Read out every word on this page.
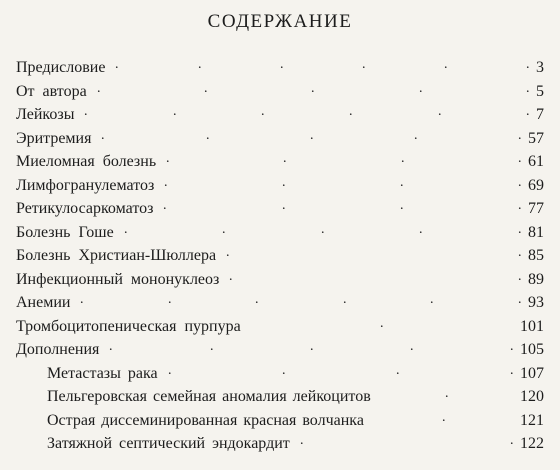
СОДЕРЖАНИЕ
Предисловие .	.	.	.	.	. 3
От автора .	.	.	.	. 5
Лейкозы .	.	.	.	.	. 7
Эритремия .	.	.	.	. 57
Миеломная болезнь .	.	.	. 61
Лимфогранулематоз .	.	.	. 69
Ретикулосаркоматоз .	.	.	. 77
Болезнь Гоше .	.	.	.	. 81
Болезнь Христиан-Шюллера .	. 85
Инфекционный мононуклеоз .	. 89
Анемии .	.	.	.	.	. 93
Тромбоцитопеническая пурпура	.	101
Дополнения .	.	.	.	. 105
Метастазы рака .	.	.	. 107
Пельгеровская семейная аномалия лейкоцитов	.	120
Острая диссеминированная красная волчанка	.	121
Затяжной септический эндокардит .	. 122
